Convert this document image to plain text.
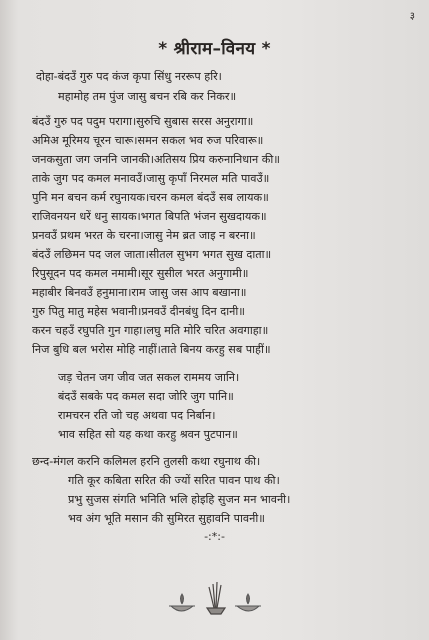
३
* श्रीराम–विनय *
दोहा-बंदउँ गुरु पद कंज कृपा सिंधु नररूप हरि।
महामोह तम पुंज जासु बचन रबि कर निकर॥
बंदउँ गुरु पद पदुम परागा।सुरुचि सुबास सरस अनुरागा॥
अमिअ मूरिमय चूरन चारू।समन सकल भव रुज परिवारू॥
जनकसुता जग जननि जानकी।अतिसय प्रिय करुनानिधान की॥
ताके जुग पद कमल मनावउँ।जासु कृपाँ निरमल मति पावउँ॥
पुनि मन बचन कर्म रघुनायक।चरन कमल बंदउँ सब लायक॥
राजिवनयन धरें धनु सायक।भगत बिपति भंजन सुखदायक॥
प्रनवउँ प्रथम भरत के चरना।जासु नेम ब्रत जाइ न बरना॥
बंदउँ लछिमन पद जल जाता।सीतल सुभग भगत सुख दाता॥
रिपुसूदन पद कमल नमामी।सूर सुसील भरत अनुगामी॥
महाबीर बिनवउँ हनुमाना।राम जासु जस आप बखाना॥
गुरु पितु मातु महेस भवानी।प्रनवउँ दीनबंधु दिन दानी॥
करन चहउँ रघुपति गुन गाहा।लघु मति मोरि चरित अवगाहा॥
निज बुधि बल भरोस मोहि नाहीं।ताते बिनय करहु सब पाहीं॥
जड़ चेतन जग जीव जत सकल राममय जानि।
बंदउँ सबके पद कमल सदा जोरि जुग पानि॥
रामचरन रति जो चह अथवा पद निर्बान।
भाव सहित सो यह कथा करहु श्रवन पुटपान॥
छन्द-मंगल करनि कलिमल हरनि तुलसी कथा रघुनाथ की।
गति कूर कबिता सरित की ज्यों सरित पावन पाथ की।
प्रभु सुजस संगति भनिति भलि होइहि सुजन मन भावनी।
भव अंग भूति मसान की सुमिरत सुहावनि पावनी॥
-:*:-
